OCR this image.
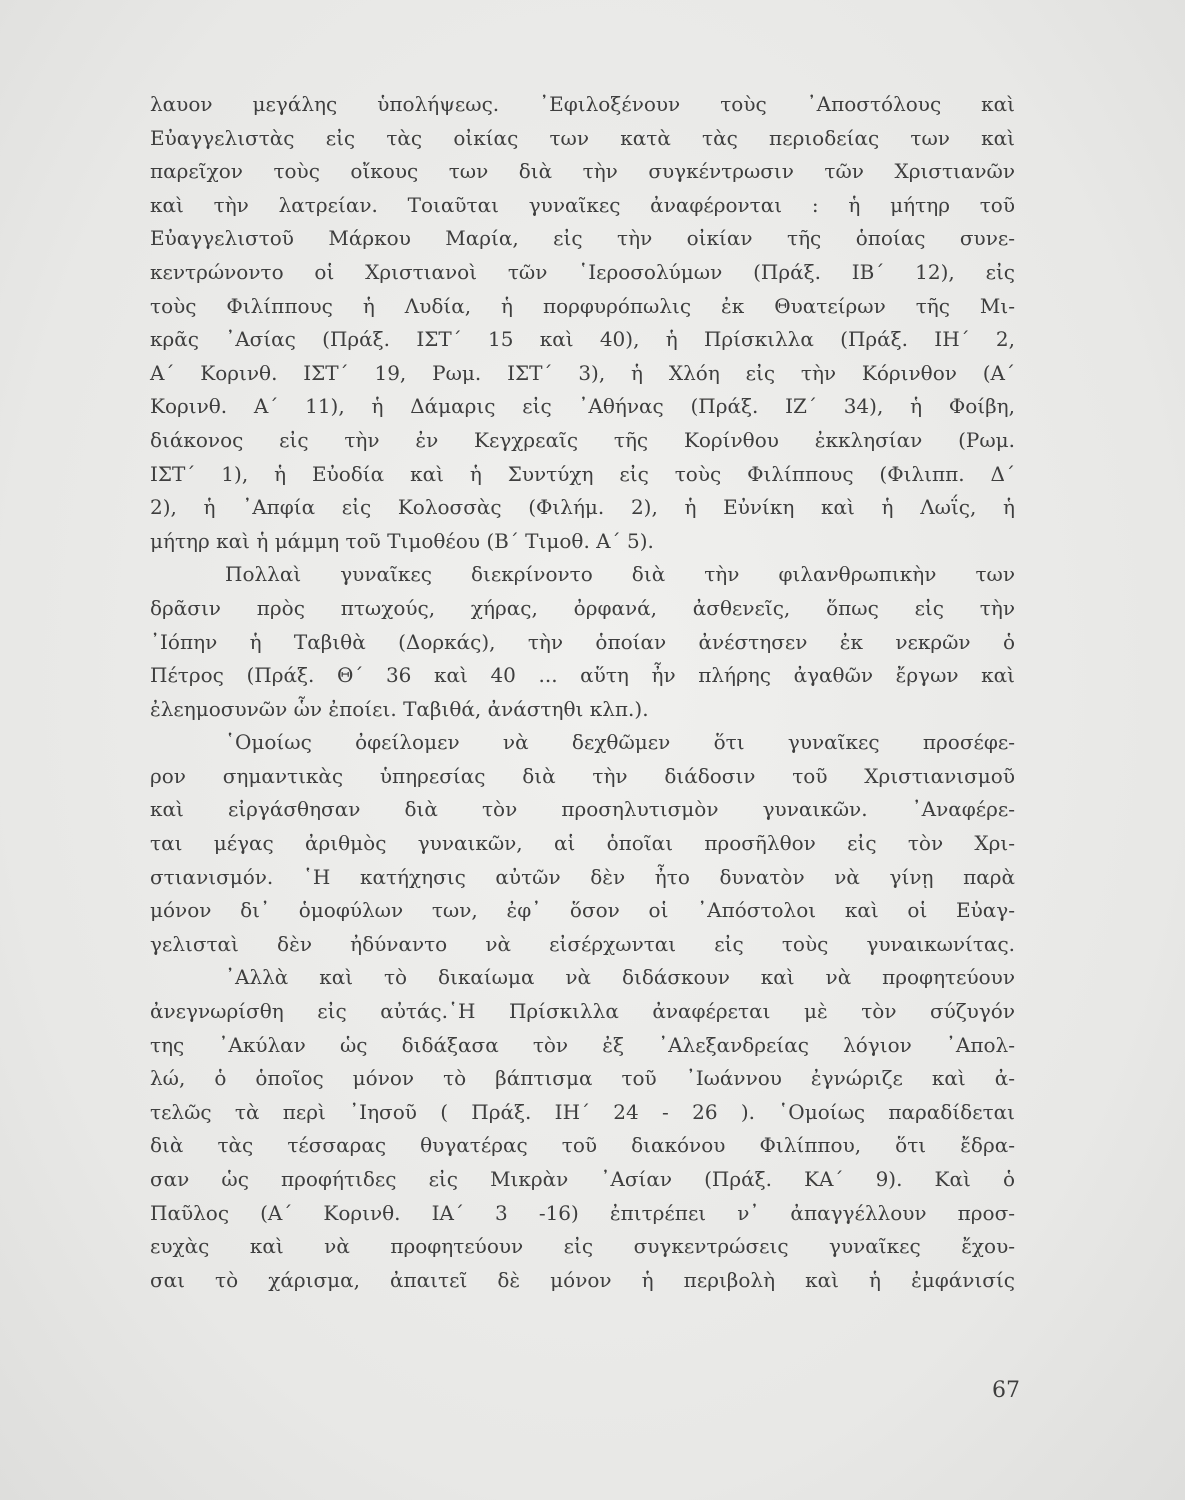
λαυον μεγάλης ὑπολήψεως. ᾿Εφιλοξένουν τοὺς ᾿Αποστόλους καὶ
Εὐαγγελιστὰς εἰς τὰς οἰκίας των κατὰ τὰς περιοδείας των καὶ
παρεῖχον τοὺς οἴκους των διὰ τὴν συγκέντρωσιν τῶν Χριστιανῶν
καὶ τὴν λατρείαν. Τοιαῦται γυναῖκες ἀναφέρονται : ἡ μήτηρ τοῦ
Εὐαγγελιστοῦ Μάρκου Μαρία, εἰς τὴν οἰκίαν τῆς ὁποίας συνε-
κεντρώνοντο οἱ Χριστιανοὶ τῶν ῾Ιεροσολύμων (Πράξ. ΙΒ΄ 12), εἰς
τοὺς Φιλίππους ἡ Λυδία, ἡ πορφυρόπωλις ἐκ Θυατείρων τῆς Μι-
κρᾶς ᾿Ασίας (Πράξ. ΙΣΤ΄ 15 καὶ 40), ἡ Πρίσκιλλα (Πράξ. ΙΗ΄ 2,
Α΄ Κορινθ. ΙΣΤ΄ 19, Ρωμ. ΙΣΤ΄ 3), ἡ Χλόη εἰς τὴν Κόρινθον (Α΄
Κορινθ. Α΄ 11), ἡ Δάμαρις εἰς ᾿Αθήνας (Πράξ. ΙΖ΄ 34), ἡ Φοίβη,
διάκονος εἰς τὴν ἐν Κεγχρεαῖς τῆς Κορίνθου ἐκκλησίαν (Ρωμ.
ΙΣΤ΄ 1), ἡ Εὐοδία καὶ ἡ Συντύχη εἰς τοὺς Φιλίππους (Φιλιππ. Δ΄
2), ἡ ᾿Απφία εἰς Κολοσσὰς (Φιλήμ. 2), ἡ Εὐνίκη καὶ ἡ Λωΐς, ἡ
μήτηρ καὶ ἡ μάμμη τοῦ Τιμοθέου (Β΄ Τιμοθ. Α΄ 5).
Πολλαὶ γυναῖκες διεκρίνοντο διὰ τὴν φιλανθρωπικὴν των
δρᾶσιν πρὸς πτωχούς, χήρας, ὀρφανά, ἀσθενεῖς, ὅπως εἰς τὴν
᾿Ιόπην ἡ Ταβιθὰ (Δορκάς), τὴν ὁποίαν ἀνέστησεν ἐκ νεκρῶν ὁ
Πέτρος (Πράξ. Θ΄ 36 καὶ 40 ... αὕτη ἦν πλήρης ἀγαθῶν ἔργων καὶ
ἐλεημοσυνῶν ὧν ἐποίει. Ταβιθά, ἀνάστηθι κλπ.).
῾Ομοίως ὀφείλομεν νὰ δεχθῶμεν ὅτι γυναῖκες προσέφε-
ρον σημαντικὰς ὑπηρεσίας διὰ τὴν διάδοσιν τοῦ Χριστιανισμοῦ
καὶ εἰργάσθησαν διὰ τὸν προσηλυτισμὸν γυναικῶν. ᾿Αναφέρε-
ται μέγας ἀριθμὸς γυναικῶν, αἱ ὁποῖαι προσῆλθον εἰς τὸν Χρι-
στιανισμόν. ῾Η κατήχησις αὐτῶν δὲν ἦτο δυνατὸν νὰ γίνῃ παρὰ
μόνον δι᾿ ὁμοφύλων των, ἐφ᾿ ὅσον οἱ ᾿Απόστολοι καὶ οἱ Εὐαγ-
γελισταὶ δὲν ἠδύναντο νὰ εἰσέρχωνται εἰς τοὺς γυναικωνίτας.
᾿Αλλὰ καὶ τὸ δικαίωμα νὰ διδάσκουν καὶ νὰ προφητεύουν
ἀνεγνωρίσθη εἰς αὐτάς.῾Η Πρίσκιλλα ἀναφέρεται μὲ τὸν σύζυγόν
της ᾿Ακύλαν ὡς διδάξασα τὸν ἐξ ᾿Αλεξανδρείας λόγιον ᾿Απολ-
λώ, ὁ ὁποῖος μόνον τὸ βάπτισμα τοῦ ᾿Ιωάννου ἐγνώριζε καὶ ἀ-
τελῶς τὰ περὶ ᾿Ιησοῦ ( Πράξ. ΙΗ΄ 24 - 26 ). ῾Ομοίως παραδίδεται
διὰ τὰς τέσσαρας θυγατέρας τοῦ διακόνου Φιλίππου, ὅτι ἔδρα-
σαν ὡς προφήτιδες εἰς Μικρὰν ᾿Ασίαν (Πράξ. ΚΑ΄ 9). Καὶ ὁ
Παῦλος (Α΄ Κορινθ. ΙΑ΄ 3 -16) ἐπιτρέπει ν᾿ ἀπαγγέλλουν προσ-
ευχὰς καὶ νὰ προφητεύουν εἰς συγκεντρώσεις γυναῖκες ἔχου-
σαι τὸ χάρισμα, ἀπαιτεῖ δὲ μόνον ἡ περιβολὴ καὶ ἡ ἐμφάνισίς
67
